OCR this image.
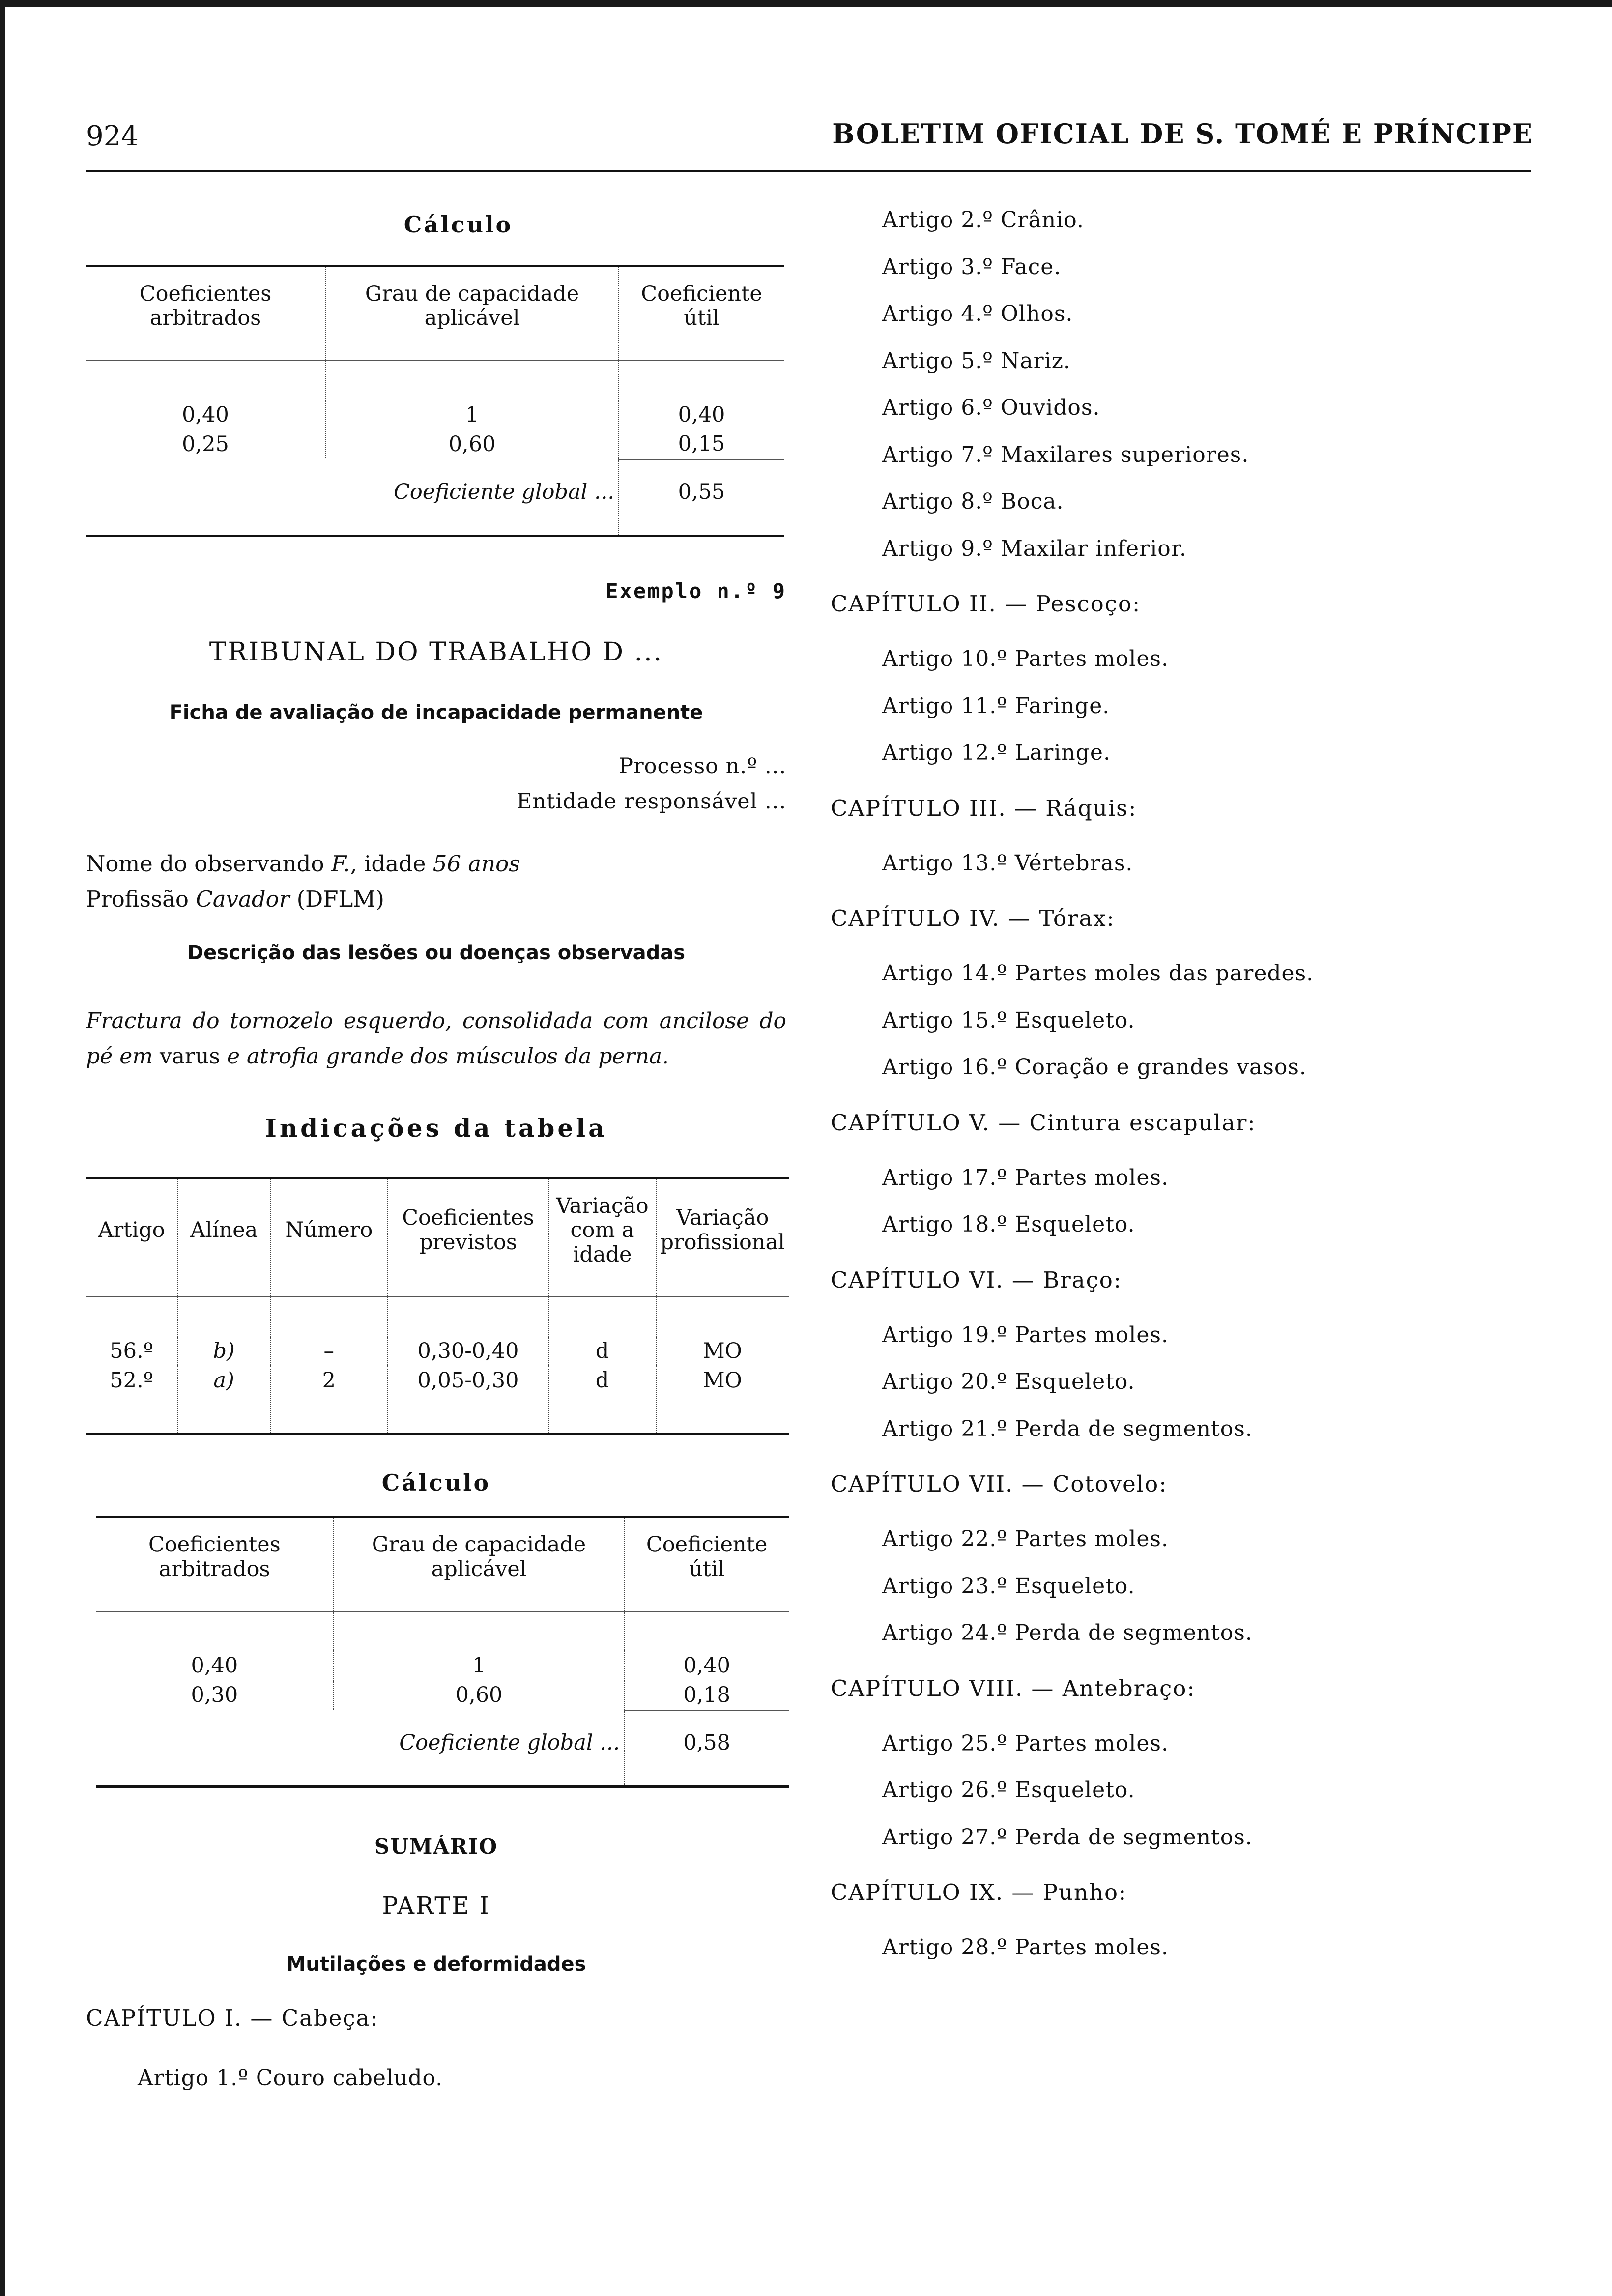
924	BOLETIM OFICIAL DE S. TOMÉ E PRÍNCIPE
Cálculo
Coeficientes arbitrados	Grau de capacidade aplicável	Coeficiente útil

0,40	1	0,40
0,25	0,60	0,15
	Coeficiente global ...	0,55
Exemplo n.º 9
TRIBUNAL DO TRABALHO D ...
Ficha de avaliação de incapacidade permanente
Processo n.º ...
Entidade responsável ...
Nome do observando F., idade 56 anos
Profissão Cavador (DFLM)
Descrição das lesões ou doenças observadas
Fractura do tornozelo esquerdo, consolidada com ancilose do pé em varus e atrofia grande dos músculos da perna.
Indicações da tabela
Artigo	Alínea	Número	Coeficientes previstos	Variação com a idade	Variação profissional

56.º	b)	–	0,30-0,40	d	MO
52.º	a)	2	0,05-0,30	d	MO
Cálculo
Coeficientes arbitrados	Grau de capacidade aplicável	Coeficiente útil

0,40	1	0,40
0,30	0,60	0,18
	Coeficiente global ...	0,58
SUMÁRIO
PARTE I
Mutilações e deformidades
CAPÍTULO I. — Cabeça:
Artigo 1.º Couro cabeludo.
Artigo 2.º Crânio.
Artigo 3.º Face.
Artigo 4.º Olhos.
Artigo 5.º Nariz.
Artigo 6.º Ouvidos.
Artigo 7.º Maxilares superiores.
Artigo 8.º Boca.
Artigo 9.º Maxilar inferior.
CAPÍTULO II. — Pescoço:
Artigo 10.º Partes moles.
Artigo 11.º Faringe.
Artigo 12.º Laringe.
CAPÍTULO III. — Ráquis:
Artigo 13.º Vértebras.
CAPÍTULO IV. — Tórax:
Artigo 14.º Partes moles das paredes.
Artigo 15.º Esqueleto.
Artigo 16.º Coração e grandes vasos.
CAPÍTULO V. — Cintura escapular:
Artigo 17.º Partes moles.
Artigo 18.º Esqueleto.
CAPÍTULO VI. — Braço:
Artigo 19.º Partes moles.
Artigo 20.º Esqueleto.
Artigo 21.º Perda de segmentos.
CAPÍTULO VII. — Cotovelo:
Artigo 22.º Partes moles.
Artigo 23.º Esqueleto.
Artigo 24.º Perda de segmentos.
CAPÍTULO VIII. — Antebraço:
Artigo 25.º Partes moles.
Artigo 26.º Esqueleto.
Artigo 27.º Perda de segmentos.
CAPÍTULO IX. — Punho:
Artigo 28.º Partes moles.
